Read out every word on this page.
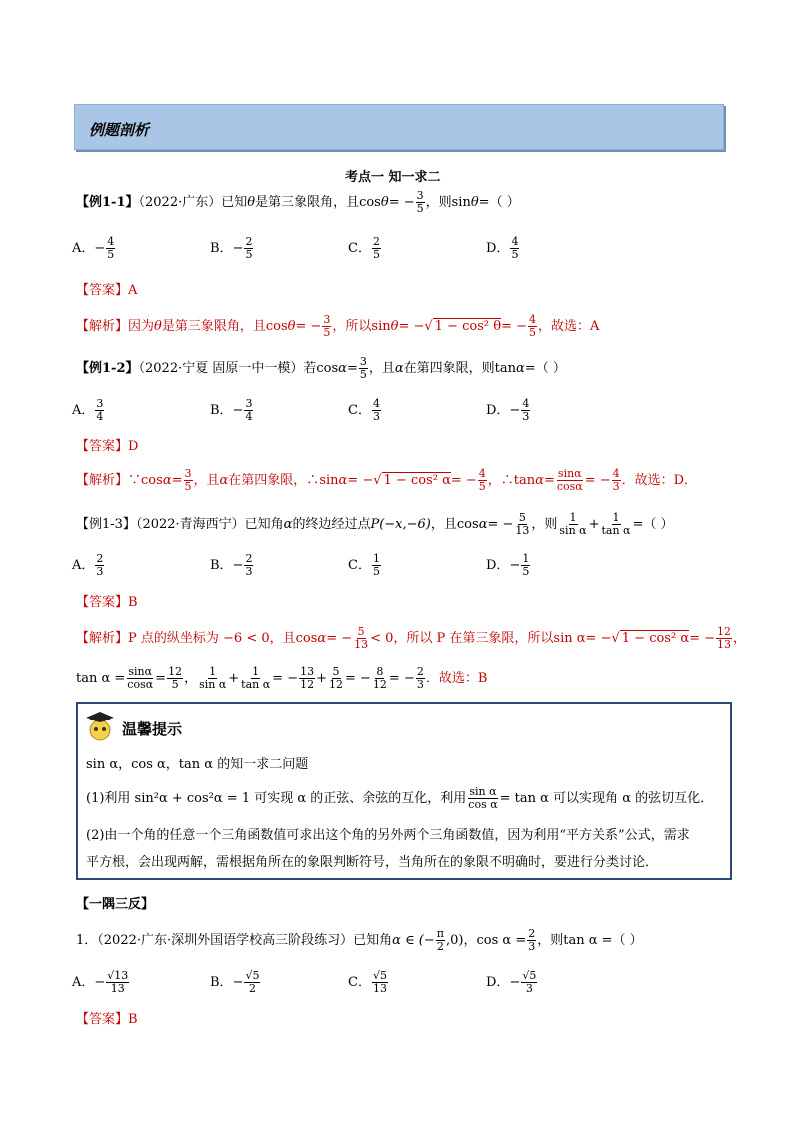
例题剖析
考点一 知一求二
【例1-1】（2022·广东）已知θ是第三象限角，且$\cos\theta= - \frac{3}{5}$ ，则sinθ=（ ）
A．− $\frac{4}{5}$	B．− $\frac{2}{5}$	C． $\frac{2}{5}$	D． $\frac{4}{5}$
【答案】A
【解析】因为θ是第三象限角，且$\cos\theta= - \frac{3}{5}$ ，所以sinθ= −√ 1 − cos² $\theta= - \frac{4}{5}$ ，故选：A
【例1-2】（2022·宁夏 固原一中一模）若$\cos\alpha= \frac{3}{5}$ ，且α在第四象限，则tanα=（ ）
A． $\frac{3}{4}$	B．− $\frac{3}{4}$	C． $\frac{4}{3}$	D．− $\frac{4}{3}$
【答案】D
【解析】∵cosα= $\frac{3}{5}$ ，且α在第四象限，∴sinα= −√ 1 − cos² $\alpha= - \frac{4}{5}$ ，∴tanα= $\frac{\sin\alpha}{\cos\alpha}$ = − $\frac{4}{3}$ ．故选：D．
【例1-3】（2022·青海西宁）已知角α的终边经过点P(−x,−6)，且$\cos\alpha= - \frac{5}{13}$ ，则 $\frac{1}{\text{sin α}} + \frac{1}{\text{tan α}}$ =（ ）
A． $\frac{2}{3}$	B．− $\frac{2}{3}$	C． $\frac{1}{5}$	D．− $\frac{1}{5}$
【答案】B
【解析】P 点的纵坐标为 −6 < 0，且$\cos\alpha= - \frac{5}{13} < 0$，所以 P 在第三象限，所以sin α= −√ 1 − cos² $\alpha= - \frac{12}{13}$ ，
$\tan \alpha = \frac{\sin\alpha}{\cos\alpha} = \frac{12}{5}$ ， $\frac{1}{\text{sin α}} + \frac{1}{\text{tan α}}$ = − $\frac{13}{12} + \frac{5}{12}$ = − $\frac{8}{12}$ = − $\frac{2}{3}$ ．故选：B
温馨提示
sin α，cos α，tan α 的知一求二问题
(1)利用 sin²α + cos²α = 1 可实现 α 的正弦、余弦的互化，利用 $\frac{\text{sin α}}{\text{cos α}} = \tan \alpha$ 可以实现角 α 的弦切互化．
(2)由一个角的任意一个三角函数值可求出这个角的另外两个三角函数值，因为利用“平方关系”公式，需求
平方根，会出现两解，需根据角所在的象限判断符号，当角所在的象限不明确时，要进行分类讨论．
【一隅三反】
1．（2022·广东·深圳外国语学校高三阶段练习）已知角α ∈ (− $\frac{\pi}{2} ,0$)，$\cos \alpha = \frac{2}{3}$ ，则tan α =（ ）
A．− $\frac{√13}{13}$	B．− $\frac{√5}{2}$	C． $\frac{√5}{13}$	D．− $\frac{√5}{3}$
【答案】B
